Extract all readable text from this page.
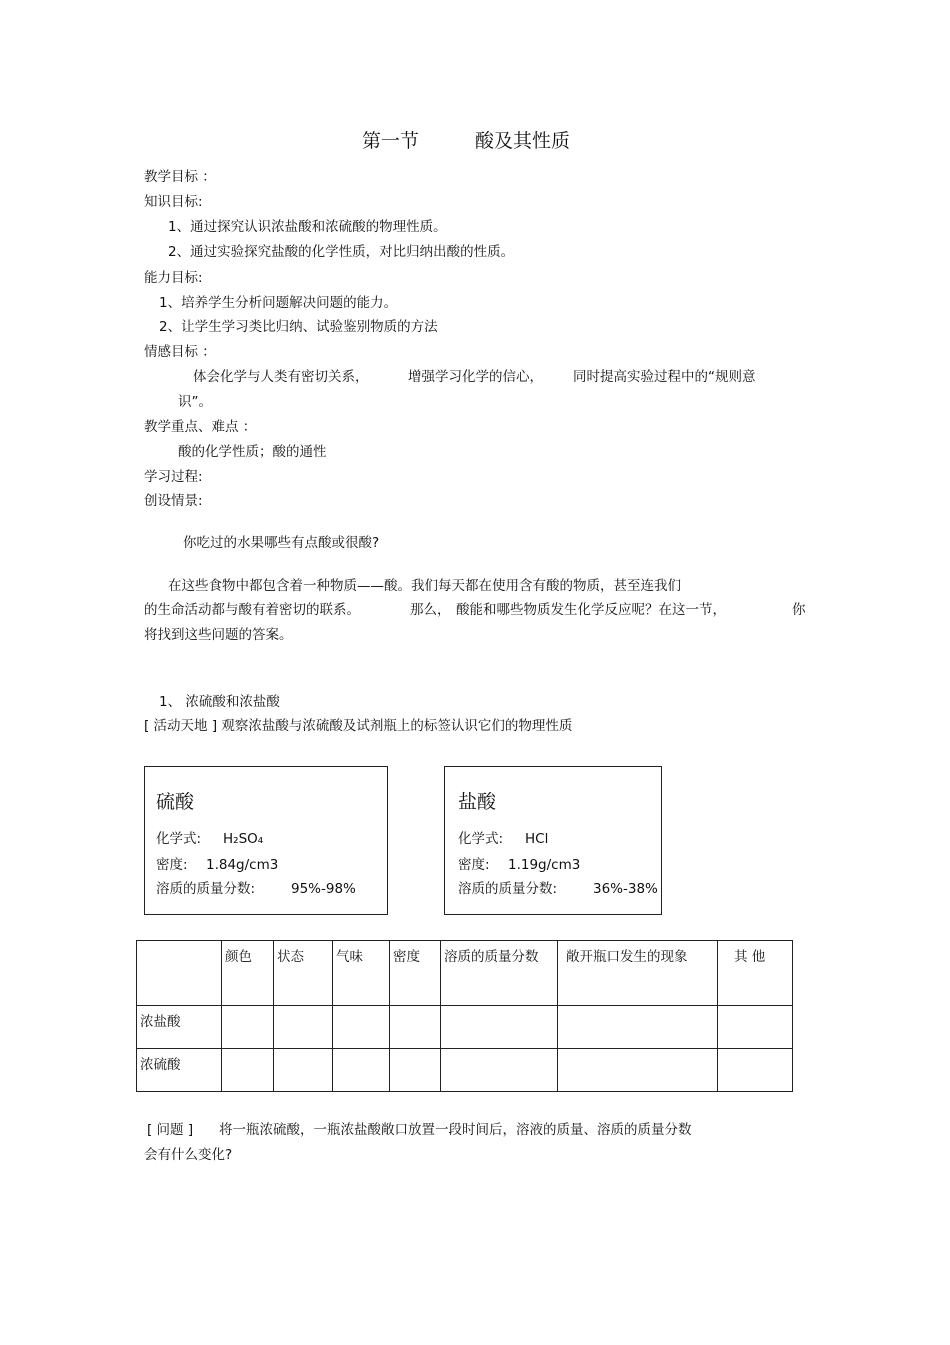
第一节	酸及其性质
教学目标 ：
知识目标:
1、通过探究认识浓盐酸和浓硫酸的物理性质。
2、通过实验探究盐酸的化学性质，对比归纳出酸的性质。
能力目标:
1、培养学生分析问题解决问题的能力。
2、让学生学习类比归纳、试验鉴别物质的方法
情感目标 ：
体会化学与人类有密切关系，	增强学习化学的信心， 同时提高实验过程中的“规则意
识”。
教学重点、难点 ：
酸的化学性质；酸的通性
学习过程:
创设情景:
你吃过的水果哪些有点酸或很酸?
在这些食物中都包含着一种物质——酸。我们每天都在使用含有酸的物质，甚至连我们
的生命活动都与酸有着密切的联系。	那么， 酸能和哪些物质发生化学反应呢？在这一节，	你
将找到这些问题的答案。
1、 浓硫酸和浓盐酸
[ 活动天地 ] 观察浓盐酸与浓硫酸及试剂瓶上的标签认识它们的物理性质
硫酸
化学式: H₂SO₄
密度: 1.84g/cm3
溶质的质量分数:	95%-98%
盐酸
化学式: HCl
密度: 1.19g/cm3
溶质的质量分数:	36%-38%
	颜色	状态	气味	密度	溶质的质量分数	敞开瓶口发生的现象	其 他
浓盐酸							
浓硫酸							
[ 问题 ] 将一瓶浓硫酸，一瓶浓盐酸敞口放置一段时间后，溶液的质量、溶质的质量分数
会有什么变化?
